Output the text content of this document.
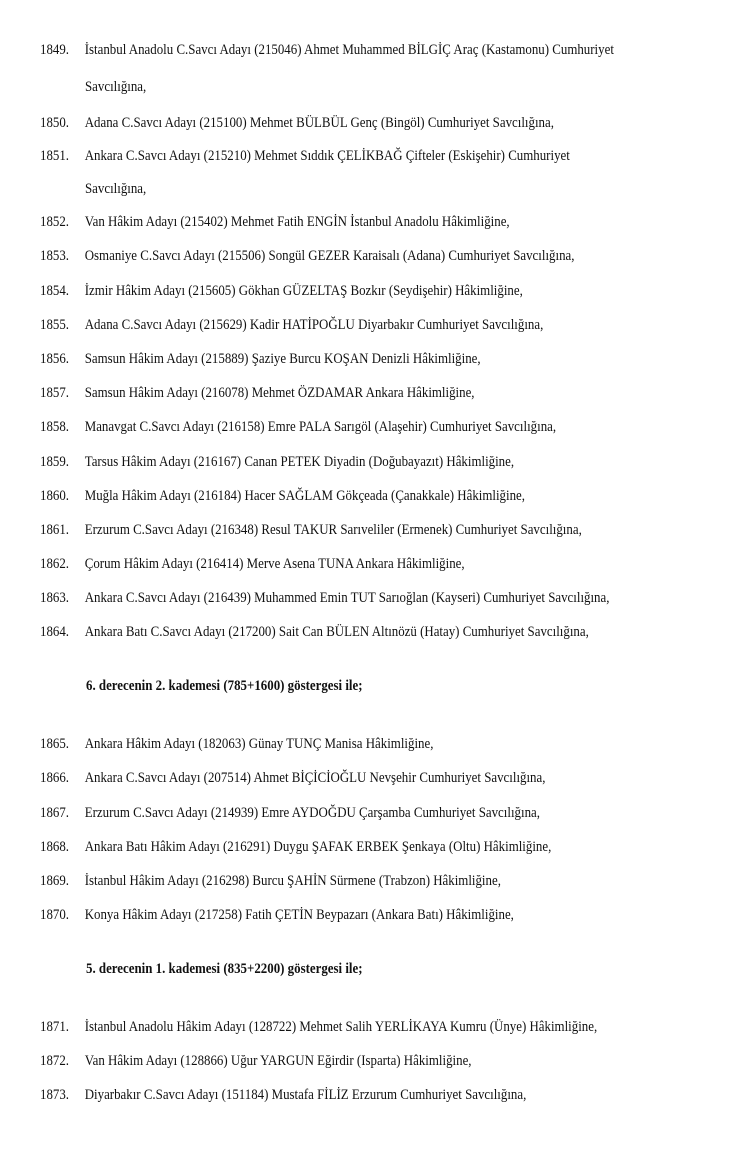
1849. İstanbul Anadolu C.Savcı Adayı (215046) Ahmet Muhammed BİLGİÇ Araç (Kastamonu) Cumhuriyet
Savcılığına,
1850. Adana C.Savcı Adayı (215100) Mehmet BÜLBÜL Genç (Bingöl) Cumhuriyet Savcılığına,
1851. Ankara C.Savcı Adayı (215210) Mehmet Sıddık ÇELİKBAĞ Çifteler (Eskişehir) Cumhuriyet
Savcılığına,
1852. Van Hâkim Adayı (215402) Mehmet Fatih ENGİN İstanbul Anadolu Hâkimliğine,
1853. Osmaniye C.Savcı Adayı (215506) Songül GEZER Karaisalı (Adana) Cumhuriyet Savcılığına,
1854. İzmir Hâkim Adayı (215605) Gökhan GÜZELTAŞ Bozkır (Seydişehir) Hâkimliğine,
1855. Adana C.Savcı Adayı (215629) Kadir HATİPOĞLU Diyarbakır Cumhuriyet Savcılığına,
1856. Samsun Hâkim Adayı (215889) Şaziye Burcu KOŞAN Denizli Hâkimliğine,
1857. Samsun Hâkim Adayı (216078) Mehmet ÖZDAMAR Ankara Hâkimliğine,
1858. Manavgat C.Savcı Adayı (216158) Emre PALA Sarıgöl (Alaşehir) Cumhuriyet Savcılığına,
1859. Tarsus Hâkim Adayı (216167) Canan PETEK Diyadin (Doğubayazıt) Hâkimliğine,
1860. Muğla Hâkim Adayı (216184) Hacer SAĞLAM Gökçeada (Çanakkale) Hâkimliğine,
1861. Erzurum C.Savcı Adayı (216348) Resul TAKUR Sarıveliler (Ermenek) Cumhuriyet Savcılığına,
1862. Çorum Hâkim Adayı (216414) Merve Asena TUNA Ankara Hâkimliğine,
1863. Ankara C.Savcı Adayı (216439) Muhammed Emin TUT Sarıoğlan (Kayseri) Cumhuriyet Savcılığına,
1864. Ankara Batı C.Savcı Adayı (217200) Sait Can BÜLEN Altınözü (Hatay) Cumhuriyet Savcılığına,
6. derecenin 2. kademesi (785+1600) göstergesi ile;
1865. Ankara Hâkim Adayı (182063) Günay TUNÇ Manisa Hâkimliğine,
1866. Ankara C.Savcı Adayı (207514) Ahmet BİÇİCİOĞLU Nevşehir Cumhuriyet Savcılığına,
1867. Erzurum C.Savcı Adayı (214939) Emre AYDOĞDU Çarşamba Cumhuriyet Savcılığına,
1868. Ankara Batı Hâkim Adayı (216291) Duygu ŞAFAK ERBEK Şenkaya (Oltu) Hâkimliğine,
1869. İstanbul Hâkim Adayı (216298) Burcu ŞAHİN Sürmene (Trabzon) Hâkimliğine,
1870. Konya Hâkim Adayı (217258) Fatih ÇETİN Beypazarı (Ankara Batı) Hâkimliğine,
5. derecenin 1. kademesi (835+2200) göstergesi ile;
1871. İstanbul Anadolu Hâkim Adayı (128722) Mehmet Salih YERLİKAYA Kumru (Ünye) Hâkimliğine,
1872. Van Hâkim Adayı (128866) Uğur YARGUN Eğirdir (Isparta) Hâkimliğine,
1873. Diyarbakır C.Savcı Adayı (151184) Mustafa FİLİZ Erzurum Cumhuriyet Savcılığına,
